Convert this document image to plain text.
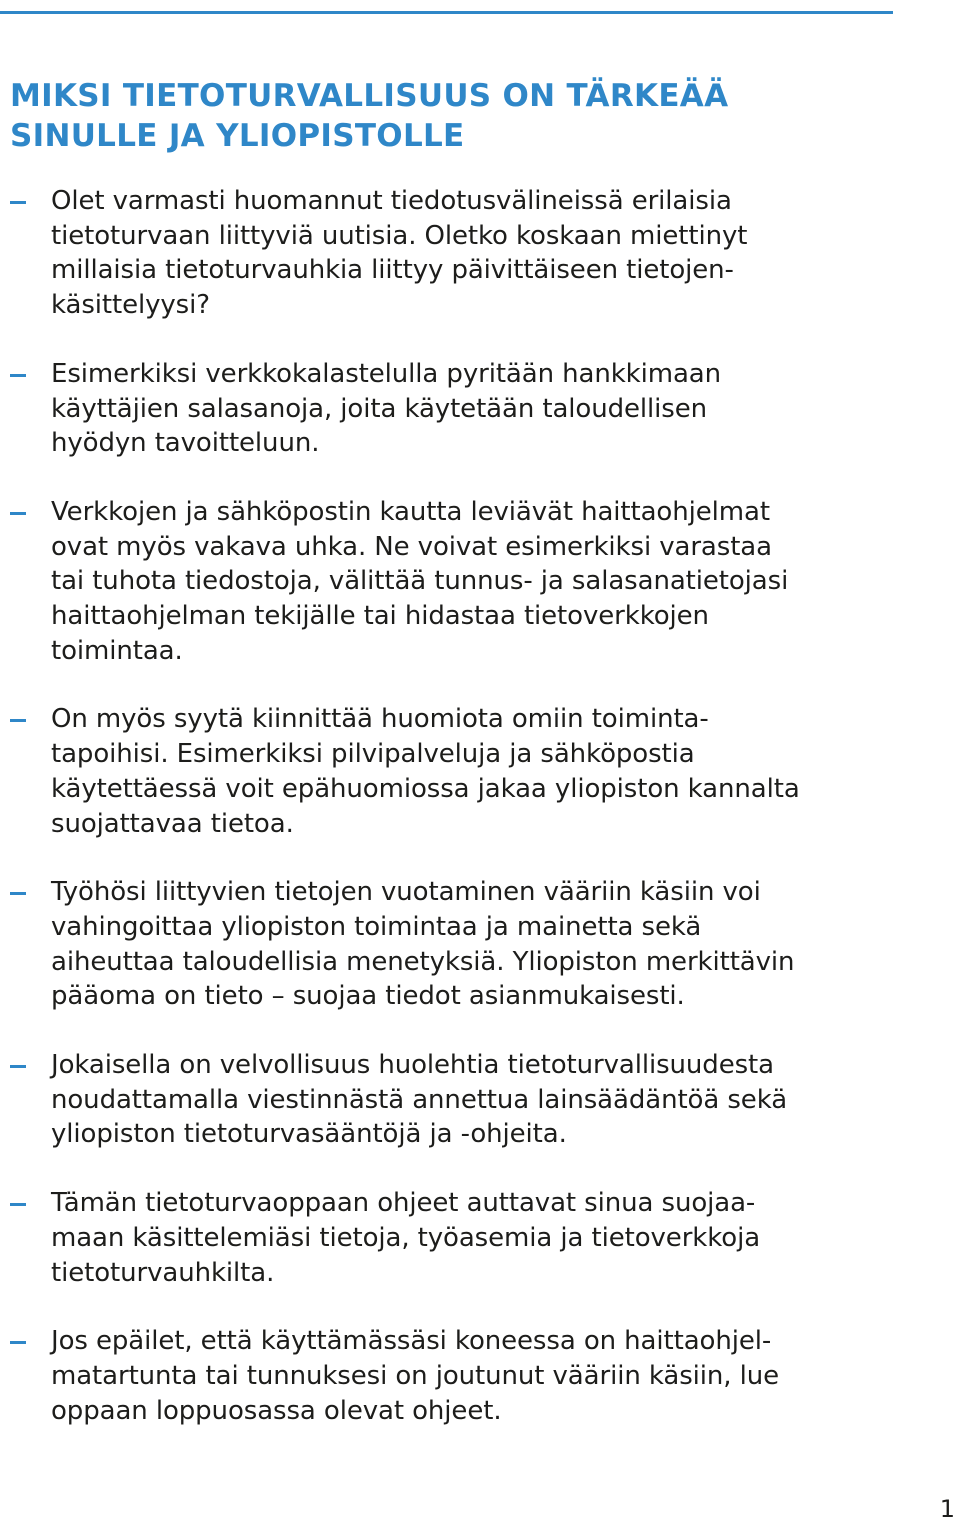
MIKSI TIETOTURVALLISUUS ON TÄRKEÄÄ
SINULLE JA YLIOPISTOLLE
Olet varmasti huomannut tiedotusvälineissä erilaisia
tietoturvaan liittyviä uutisia. Oletko koskaan miettinyt
millaisia tietoturvauhkia liittyy päivittäiseen tietojen-
käsittelyysi?
Esimerkiksi verkkokalastelulla pyritään hankkimaan
käyttäjien salasanoja, joita käytetään taloudellisen
hyödyn tavoitteluun.
Verkkojen ja sähköpostin kautta leviävät haittaohjelmat
ovat myös vakava uhka. Ne voivat esimerkiksi varastaa
tai tuhota tiedostoja, välittää tunnus- ja salasanatietojasi
haittaohjelman tekijälle tai hidastaa tietoverkkojen
toimintaa.
On myös syytä kiinnittää huomiota omiin toiminta-
tapoihisi. Esimerkiksi pilvipalveluja ja sähköpostia
käytettäessä voit epähuomiossa jakaa yliopiston kannalta
suojattavaa tietoa.
Työhösi liittyvien tietojen vuotaminen vääriin käsiin voi
vahingoittaa yliopiston toimintaa ja mainetta sekä
aiheuttaa taloudellisia menetyksiä. Yliopiston merkittävin
pääoma on tieto – suojaa tiedot asianmukaisesti.
Jokaisella on velvollisuus huolehtia tietoturvallisuudesta
noudattamalla viestinnästä annettua lainsäädäntöä sekä
yliopiston tietoturvasääntöjä ja -ohjeita.
Tämän tietoturvaoppaan ohjeet auttavat sinua suojaa-
maan käsittelemiäsi tietoja, työasemia ja tietoverkkoja
tietoturvauhkilta.
Jos epäilet, että käyttämässäsi koneessa on haittaohjel-
matartunta tai tunnuksesi on joutunut vääriin käsiin, lue
oppaan loppuosassa olevat ohjeet.
1
